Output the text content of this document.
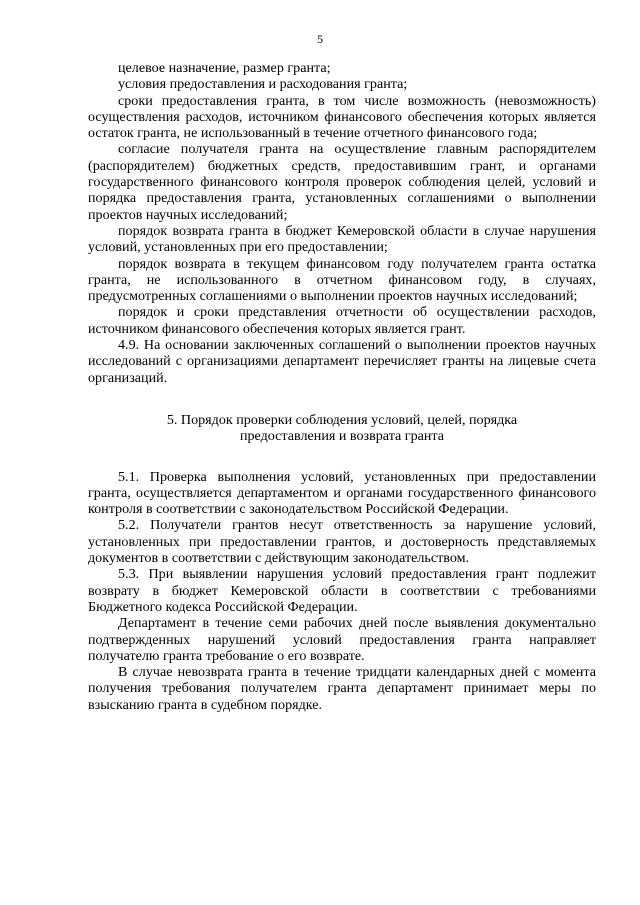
5

целевое назначение, размер гранта;

условия предоставления и расходования гранта;

сроки предоставления гранта, в том числе возможность (невозможность) осуществления расходов, источником финансового обеспечения которых является остаток гранта, не использованный в течение отчетного финансового года;

согласие получателя гранта на осуществление главным распорядителем (распорядителем) бюджетных средств, предоставившим грант, и органами государственного финансового контроля проверок соблюдения целей, условий и порядка предоставления гранта, установленных соглашениями о выполнении проектов научных исследований;

порядок возврата гранта в бюджет Кемеровской области в случае нарушения условий, установленных при его предоставлении;

порядок возврата в текущем финансовом году получателем гранта остатка гранта, не использованного в отчетном финансовом году, в случаях, предусмотренных соглашениями о выполнении проектов научных исследований;

порядок и сроки представления отчетности об осуществлении расходов, источником финансового обеспечения которых является грант.

4.9. На основании заключенных соглашений о выполнении проектов научных исследований с организациями департамент перечисляет гранты на лицевые счета организаций.

5. Порядок проверки соблюдения условий, целей, порядка предоставления и возврата гранта

5.1. Проверка выполнения условий, установленных при предоставлении гранта, осуществляется департаментом и органами государственного финансового контроля в соответствии с законодательством Российской Федерации.

5.2. Получатели грантов несут ответственность за нарушение условий, установленных при предоставлении грантов, и достоверность представляемых документов в соответствии с действующим законодательством.

5.3. При выявлении нарушения условий предоставления грант подлежит возврату в бюджет Кемеровской области в соответствии с требованиями Бюджетного кодекса Российской Федерации.

Департамент в течение семи рабочих дней после выявления документально подтвержденных нарушений условий предоставления гранта направляет получателю гранта требование о его возврате.

В случае невозврата гранта в течение тридцати календарных дней с момента получения требования получателем гранта департамент принимает меры по взысканию гранта в судебном порядке.
